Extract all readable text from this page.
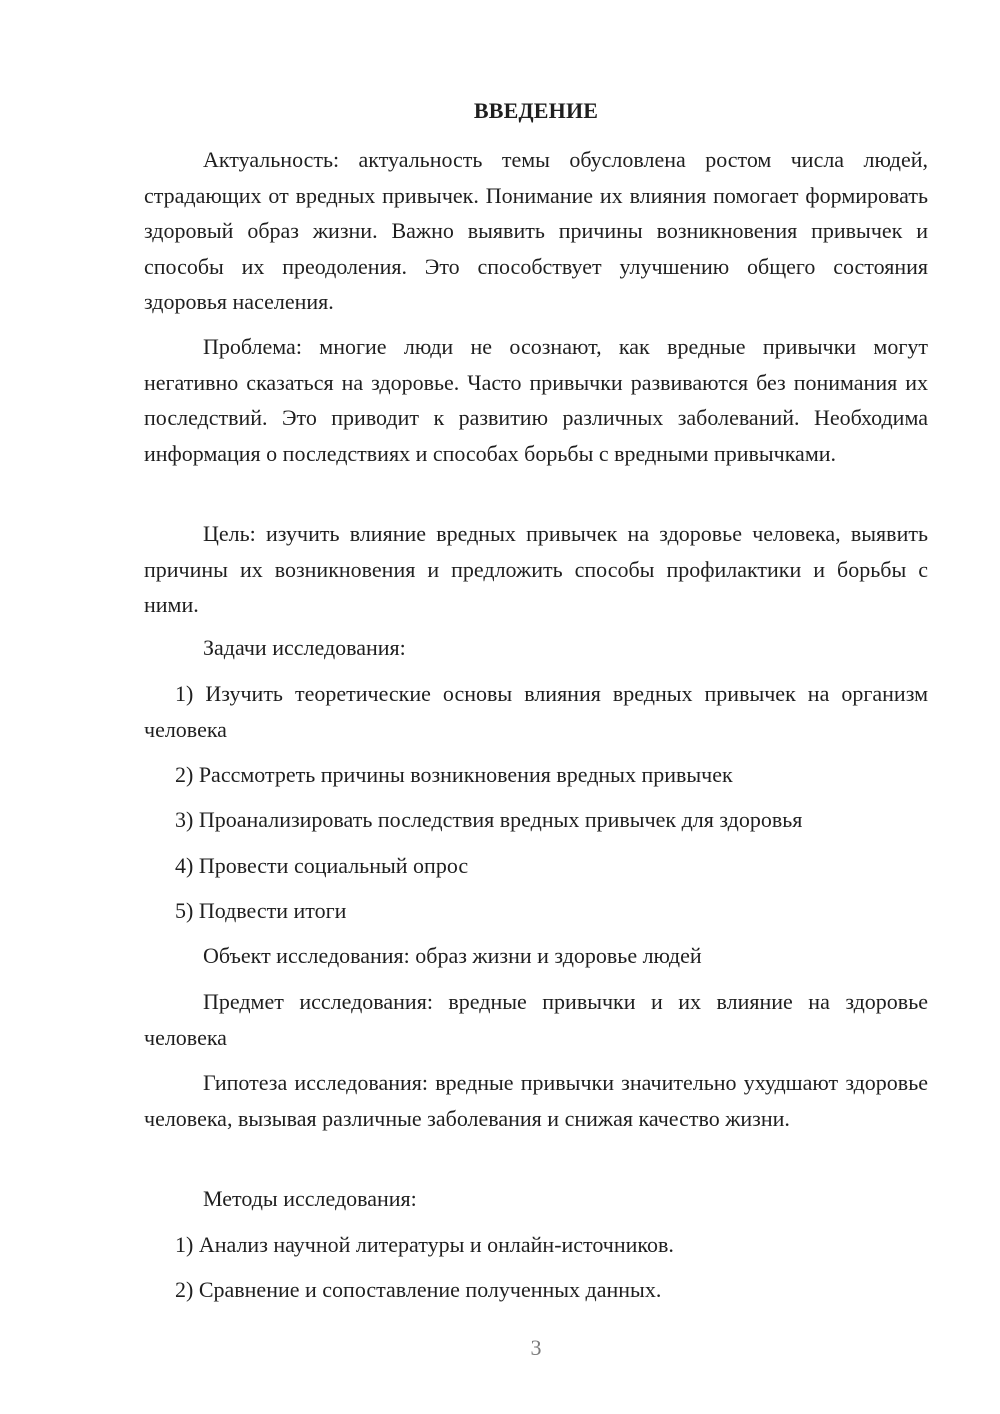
ВВЕДЕНИЕ

Актуальность: актуальность темы обусловлена ростом числа людей, страдающих от вредных привычек. Понимание их влияния помогает формировать здоровый образ жизни. Важно выявить причины возникновения привычек и способы их преодоления. Это способствует улучшению общего состояния здоровья населения.

Проблема: многие люди не осознают, как вредные привычки могут негативно сказаться на здоровье. Часто привычки развиваются без понимания их последствий. Это приводит к развитию различных заболеваний. Необходима информация о последствиях и способах борьбы с вредными привычками.

Цель: изучить влияние вредных привычек на здоровье человека, выявить причины их возникновения и предложить способы профилактики и борьбы с ними.

Задачи исследования:

1) Изучить теоретические основы влияния вредных привычек на организм человека

2) Рассмотреть причины возникновения вредных привычек

3) Проанализировать последствия вредных привычек для здоровья

4) Провести социальный опрос

5) Подвести итоги

Объект исследования: образ жизни и здоровье людей

Предмет исследования: вредные привычки и их влияние на здоровье человека

Гипотеза исследования: вредные привычки значительно ухудшают здоровье человека, вызывая различные заболевания и снижая качество жизни.

Методы исследования:

1) Анализ научной литературы и онлайн-источников.

2) Сравнение и сопоставление полученных данных.

3
